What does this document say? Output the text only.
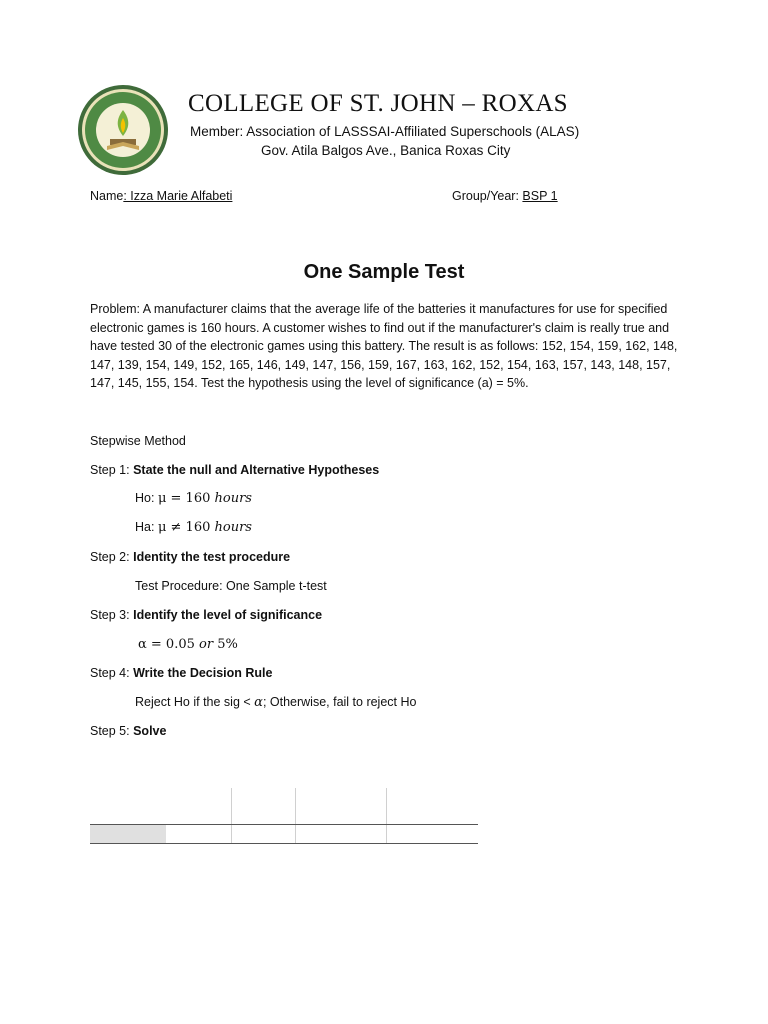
COLLEGE OF ST. JOHN – ROXAS
Member: Association of LASSSAI-Affiliated Superschools (ALAS)
Gov. Atila Balgos Ave., Banica Roxas City
Name: Izza Marie Alfabeti	Group/Year: BSP 1
One Sample Test
Problem: A manufacturer claims that the average life of the batteries it manufactures for use for specified electronic games is 160 hours. A customer wishes to find out if the manufacturer's claim is really true and have tested 30 of the electronic games using this battery. The result is as follows: 152, 154, 159, 162, 148, 147, 139, 154, 149, 152, 165, 146, 149, 147, 156, 159, 167, 163, 162, 152, 154, 163, 157, 143, 148, 157, 147, 145, 155, 154. Test the hypothesis using the level of significance (a) = 5%.
Stepwise Method
Step 1: State the null and Alternative Hypotheses
Ho: μ = 160 hours
Ha: μ ≠ 160 hours
Step 2: Identity the test procedure
Test Procedure: One Sample t-test
Step 3: Identify the level of significance
α = 0.05 or 5%
Step 4: Write the Decision Rule
Reject Ho if the sig < α; Otherwise, fail to reject Ho
Step 5: Solve
